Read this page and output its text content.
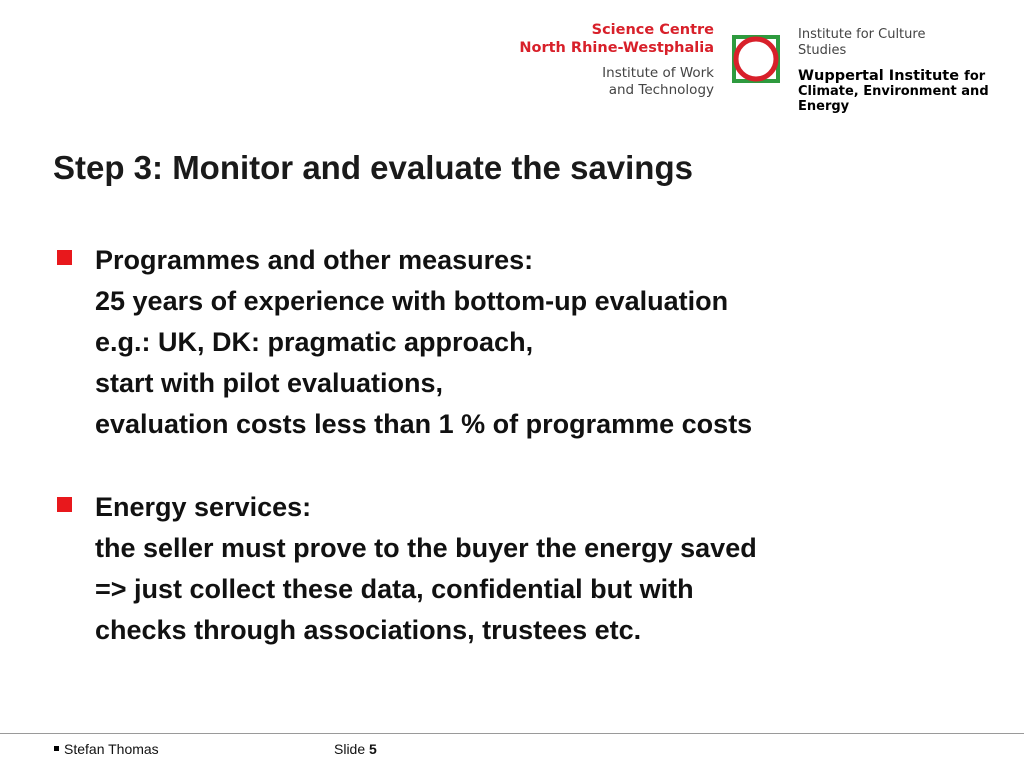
Science Centre
North Rhine-Westphalia
Institute of Work
and Technology
Institute for Culture
Studies
Wuppertal Institute for
Climate, Environment and
Energy
Step 3: Monitor and evaluate the savings
Programmes and other measures:
25 years of experience with bottom-up evaluation
e.g.: UK, DK: pragmatic approach,
start with pilot evaluations,
evaluation costs less than 1 % of programme costs
Energy services:
the seller must prove to the buyer the energy saved
=> just collect these data, confidential but with
checks through associations, trustees etc.
Stefan Thomas	Slide 5
